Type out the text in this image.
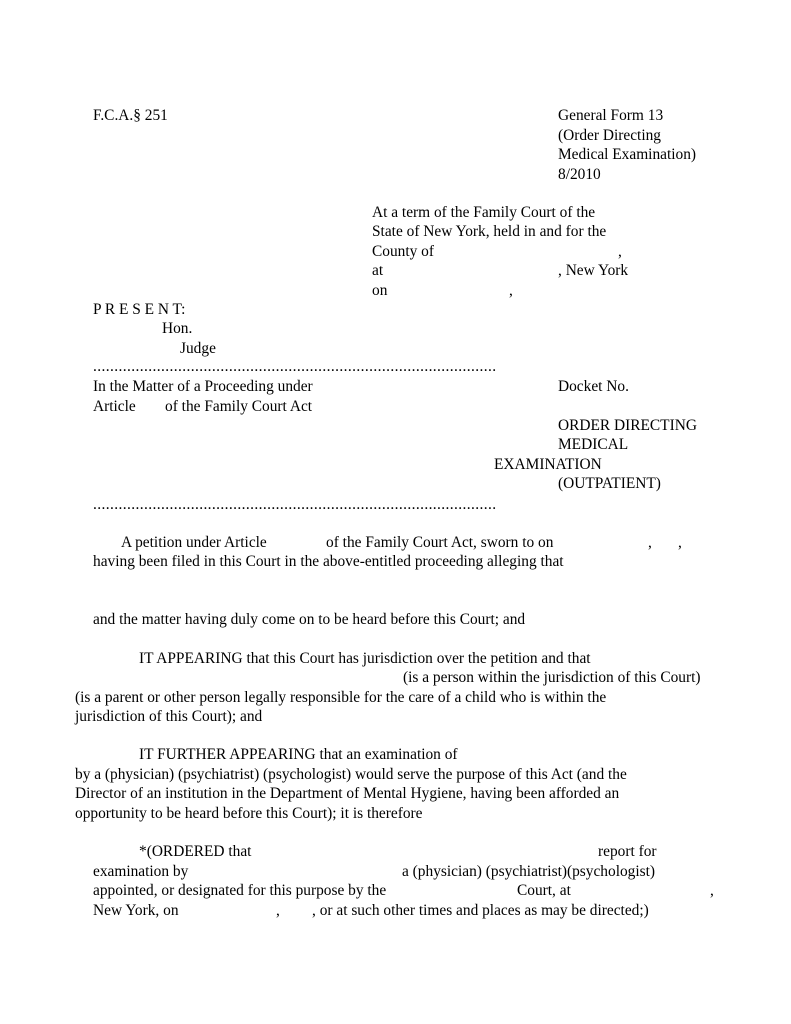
F.C.A.§ 251	General Form 13
(Order Directing
Medical Examination)
8/2010
At a term of the Family Court of the
State of New York, held in and for the
County of	,
at	, New York
on	,
P R E S E N T:
Hon.
Judge
...............................................................................................
In the Matter of a Proceeding under
Article of the Family Court Act
Docket No.
ORDER DIRECTING
MEDICAL
EXAMINATION
(OUTPATIENT)
...............................................................................................
A petition under Article	of the Family Court Act, sworn to on	, ,
having been filed in this Court in the above-entitled proceeding alleging that
and the matter having duly come on to be heard before this Court; and
IT APPEARING that this Court has jurisdiction over the petition and that
(is a person within the jurisdiction of this Court)
(is a parent or other person legally responsible for the care of a child who is within the
jurisdiction of this Court); and
IT FURTHER APPEARING that an examination of
by a (physician) (psychiatrist) (psychologist) would serve the purpose of this Act (and the
Director of an institution in the Department of Mental Hygiene, having been afforded an
opportunity to be heard before this Court); it is therefore
*(ORDERED that	report for
examination by	a (physician) (psychiatrist)(psychologist)
appointed, or designated for this purpose by the	Court, at	,
New York, on	, , or at such other times and places as may be directed;)
